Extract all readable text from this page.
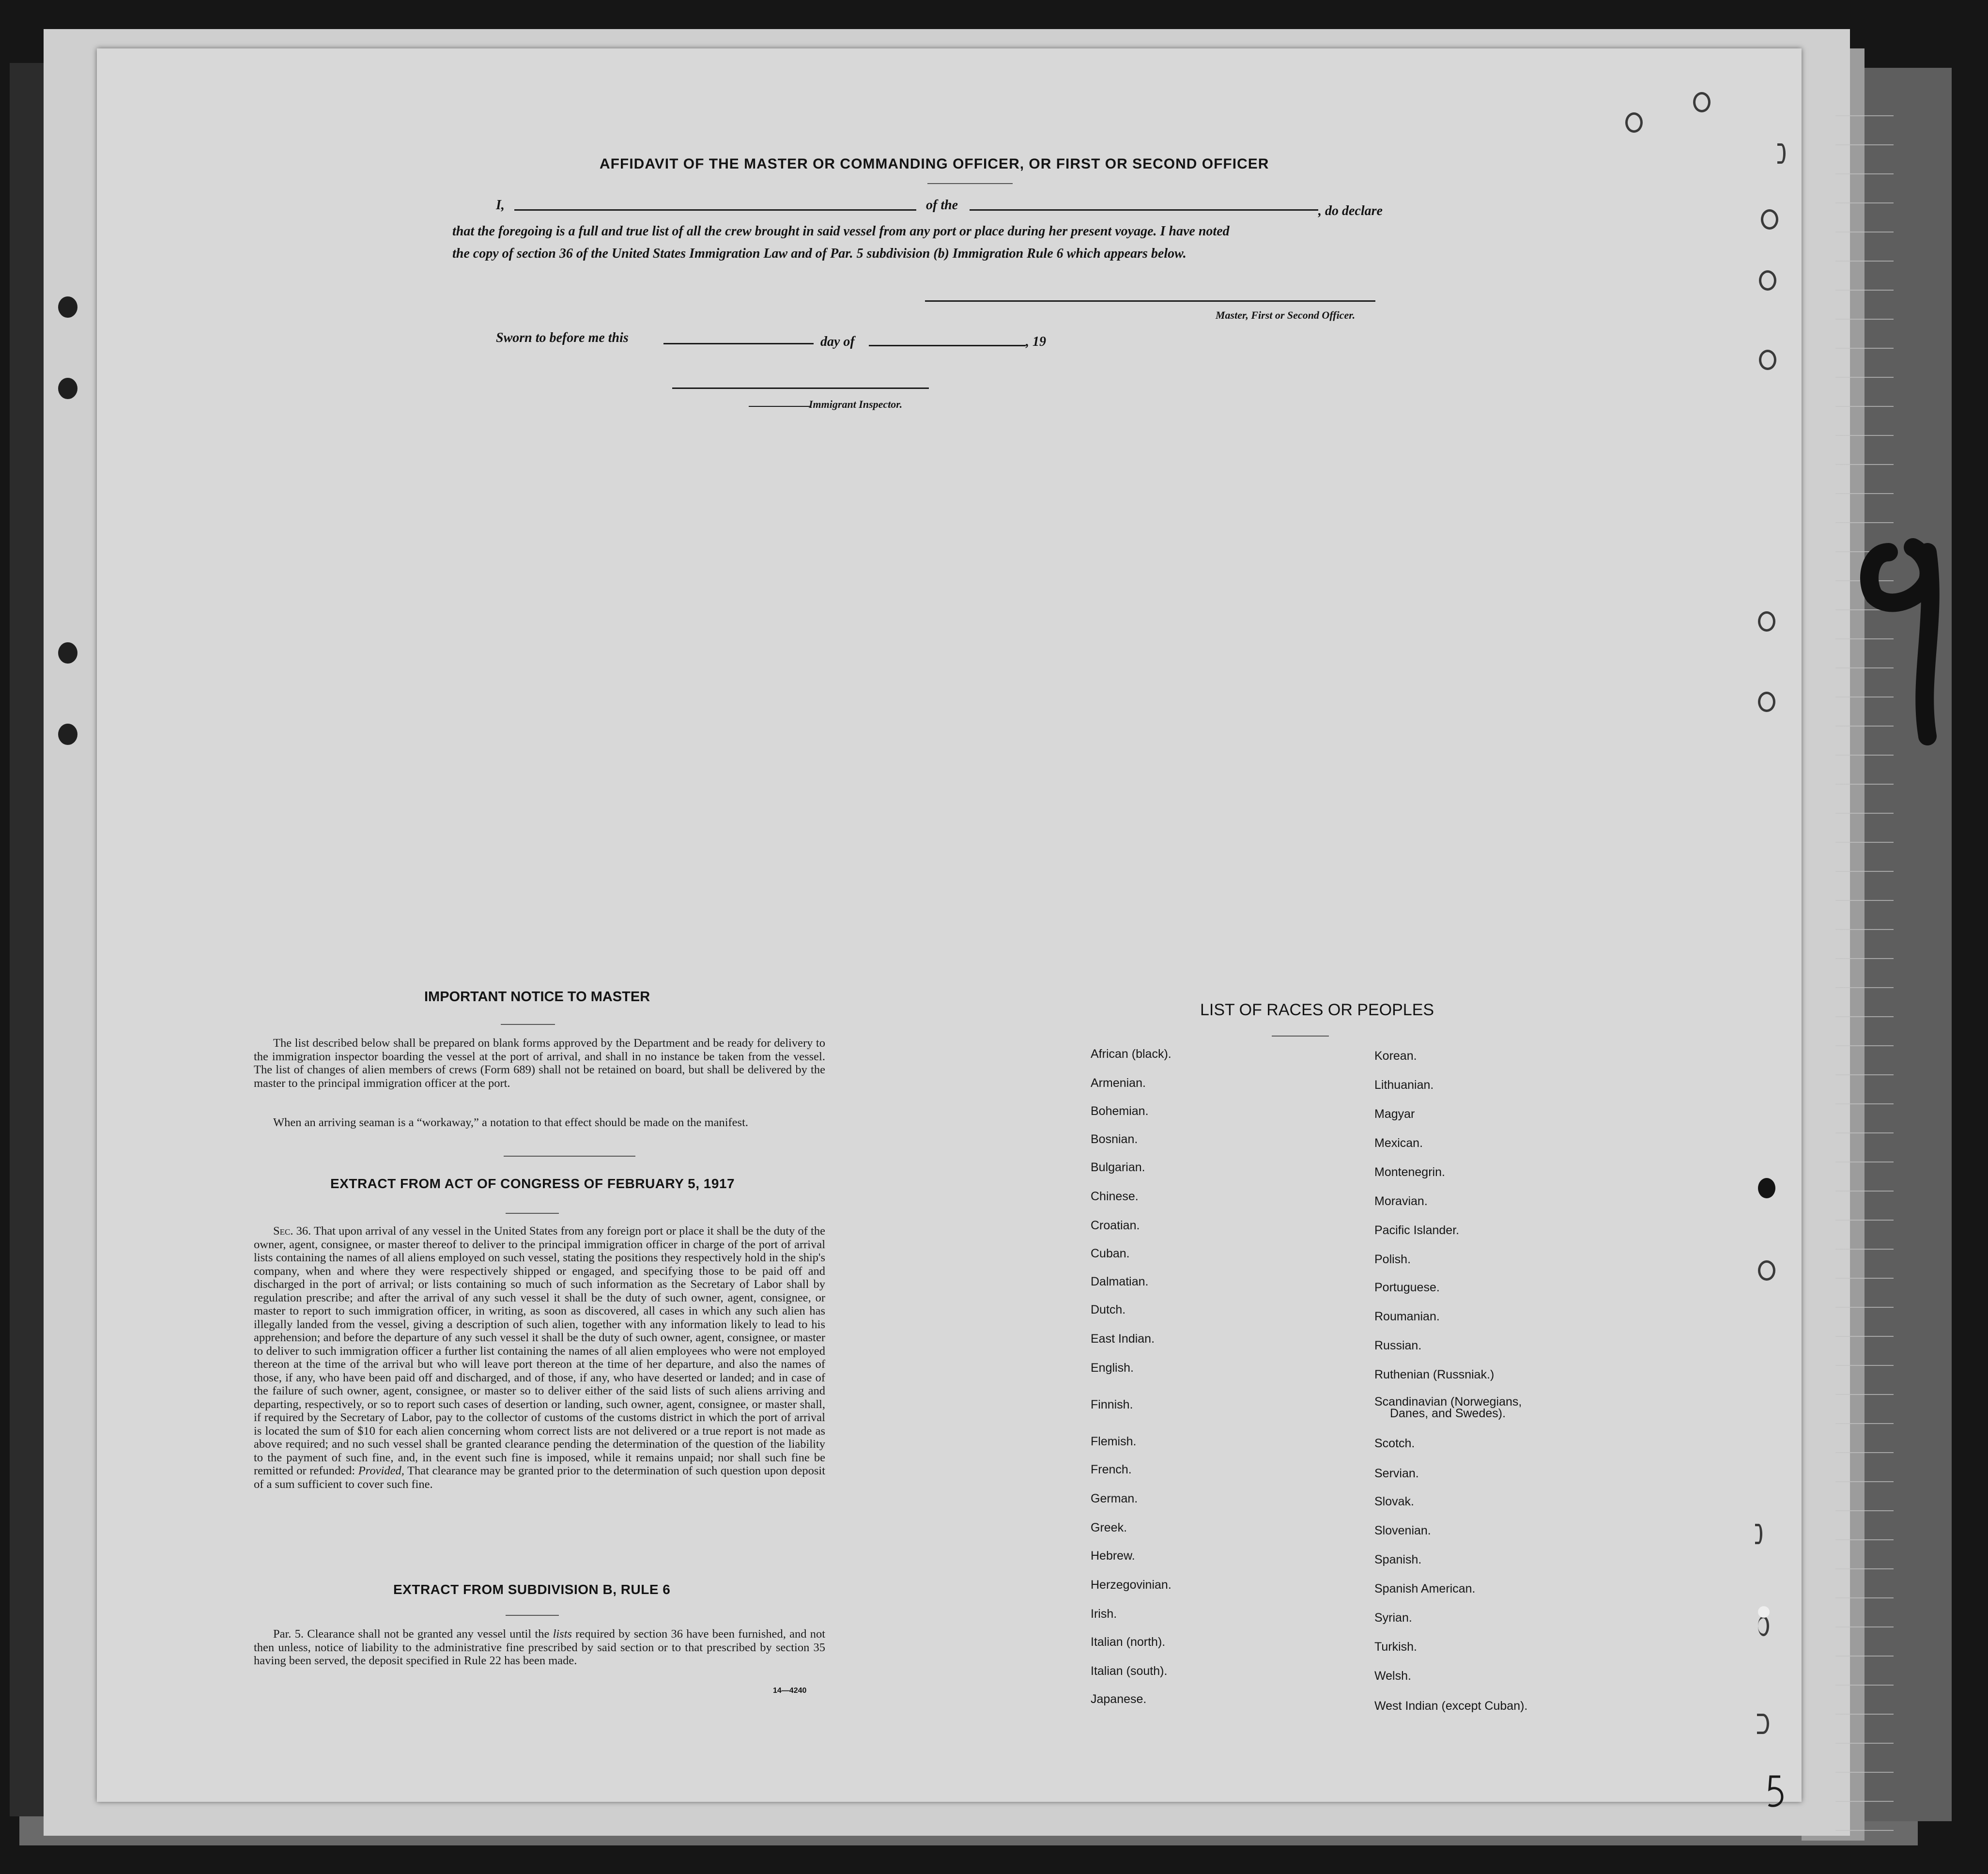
AFFIDAVIT OF THE MASTER OR COMMANDING OFFICER, OR FIRST OR SECOND OFFICER
I,	of the	, do declare
that the foregoing is a full and true list of all the crew brought in said vessel from any port or place during her present voyage. I have noted
the copy of section 36 of the United States Immigration Law and of Par. 5 subdivision (b) Immigration Rule 6 which appears below.
Master, First or Second Officer.
Sworn to before me this	day of	, 19
Immigrant Inspector.
IMPORTANT NOTICE TO MASTER
The list described below shall be prepared on blank forms approved by the Department and be ready for delivery to the immigration inspector boarding the vessel at the port of arrival, and shall in no instance be taken from the vessel. The list of changes of alien members of crews (Form 689) shall not be retained on board, but shall be delivered by the master to the principal immigration officer at the port.
When an arriving seaman is a “workaway,” a notation to that effect should be made on the manifest.
EXTRACT FROM ACT OF CONGRESS OF FEBRUARY 5, 1917
Sec. 36. That upon arrival of any vessel in the United States from any foreign port or place it shall be the duty of the owner, agent, consignee, or master thereof to deliver to the principal immigration officer in charge of the port of arrival lists containing the names of all aliens employed on such vessel, stating the positions they respectively hold in the ship's company, when and where they were respectively shipped or engaged, and specifying those to be paid off and discharged in the port of arrival; or lists containing so much of such information as the Secretary of Labor shall by regulation prescribe; and after the arrival of any such vessel it shall be the duty of such owner, agent, consignee, or master to report to such immigration officer, in writing, as soon as discovered, all cases in which any such alien has illegally landed from the vessel, giving a description of such alien, together with any information likely to lead to his apprehension; and before the departure of any such vessel it shall be the duty of such owner, agent, consignee, or master to deliver to such immigration officer a further list containing the names of all alien employees who were not employed thereon at the time of the arrival but who will leave port thereon at the time of her departure, and also the names of those, if any, who have been paid off and discharged, and of those, if any, who have deserted or landed; and in case of the failure of such owner, agent, consignee, or master so to deliver either of the said lists of such aliens arriving and departing, respectively, or so to report such cases of desertion or landing, such owner, agent, consignee, or master shall, if required by the Secretary of Labor, pay to the collector of customs of the customs district in which the port of arrival is located the sum of $10 for each alien concerning whom correct lists are not delivered or a true report is not made as above required; and no such vessel shall be granted clearance pending the determination of the question of the liability to the payment of such fine, and, in the event such fine is imposed, while it remains unpaid; nor shall such fine be remitted or refunded: Provided, That clearance may be granted prior to the determination of such question upon deposit of a sum sufficient to cover such fine.
EXTRACT FROM SUBDIVISION B, RULE 6
Par. 5. Clearance shall not be granted any vessel until the lists required by section 36 have been furnished, and not then unless, notice of liability to the administrative fine prescribed by said section or to that prescribed by section 35 having been served, the deposit specified in Rule 22 has been made.
14—4240
LIST OF RACES OR PEOPLES
African (black).
Armenian.
Bohemian.
Bosnian.
Bulgarian.
Chinese.
Croatian.
Cuban.
Dalmatian.
Dutch.
East Indian.
English.
Finnish.
Flemish.
French.
German.
Greek.
Hebrew.
Herzegovinian.
Irish.
Italian (north).
Italian (south).
Japanese.
Korean.
Lithuanian.
Magyar
Mexican.
Montenegrin.
Moravian.
Pacific Islander.
Polish.
Portuguese.
Roumanian.
Russian.
Ruthenian (Russniak.)
Scandinavian (Norwegians,
Danes, and Swedes).
Scotch.
Servian.
Slovak.
Slovenian.
Spanish.
Spanish American.
Syrian.
Turkish.
Welsh.
West Indian (except Cuban).
